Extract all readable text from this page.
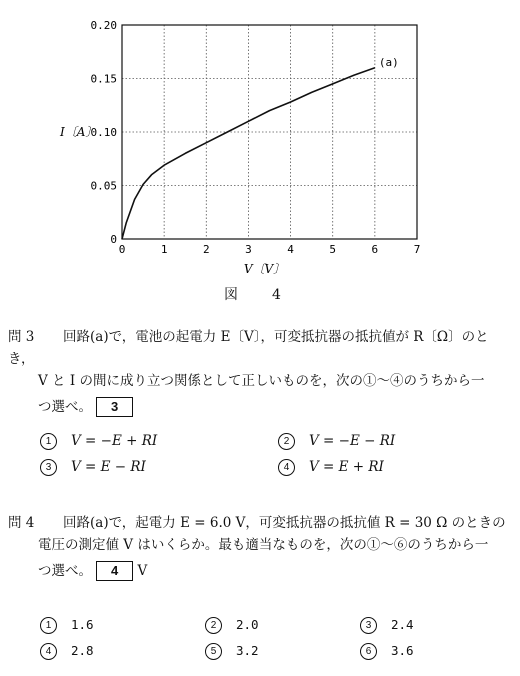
0	1	2	3	4	5	6	7
0
0.05
0.10
0.15
0.20
V〔V〕
I〔A〕
(a)
図　4
問 3 回路(a)で，電池の起電力 E〔V〕，可変抵抗器の抵抗値が R〔Ω〕のとき，
V と I の間に成り立つ関係として正しいものを，次の①～④のうちから一
つ選べ。 3
1 V = −E + RI	2 V = −E − RI
3 V = E − RI	4 V = E + RI
問 4 回路(a)で，起電力 E = 6.0 V，可変抵抗器の抵抗値 R = 30 Ω のときの
電圧の測定値 V はいくらか。最も適当なものを，次の①～⑥のうちから一
つ選べ。 4 V
1 1.6	2 2.0	3 2.4
4 2.8	5 3.2	6 3.6
